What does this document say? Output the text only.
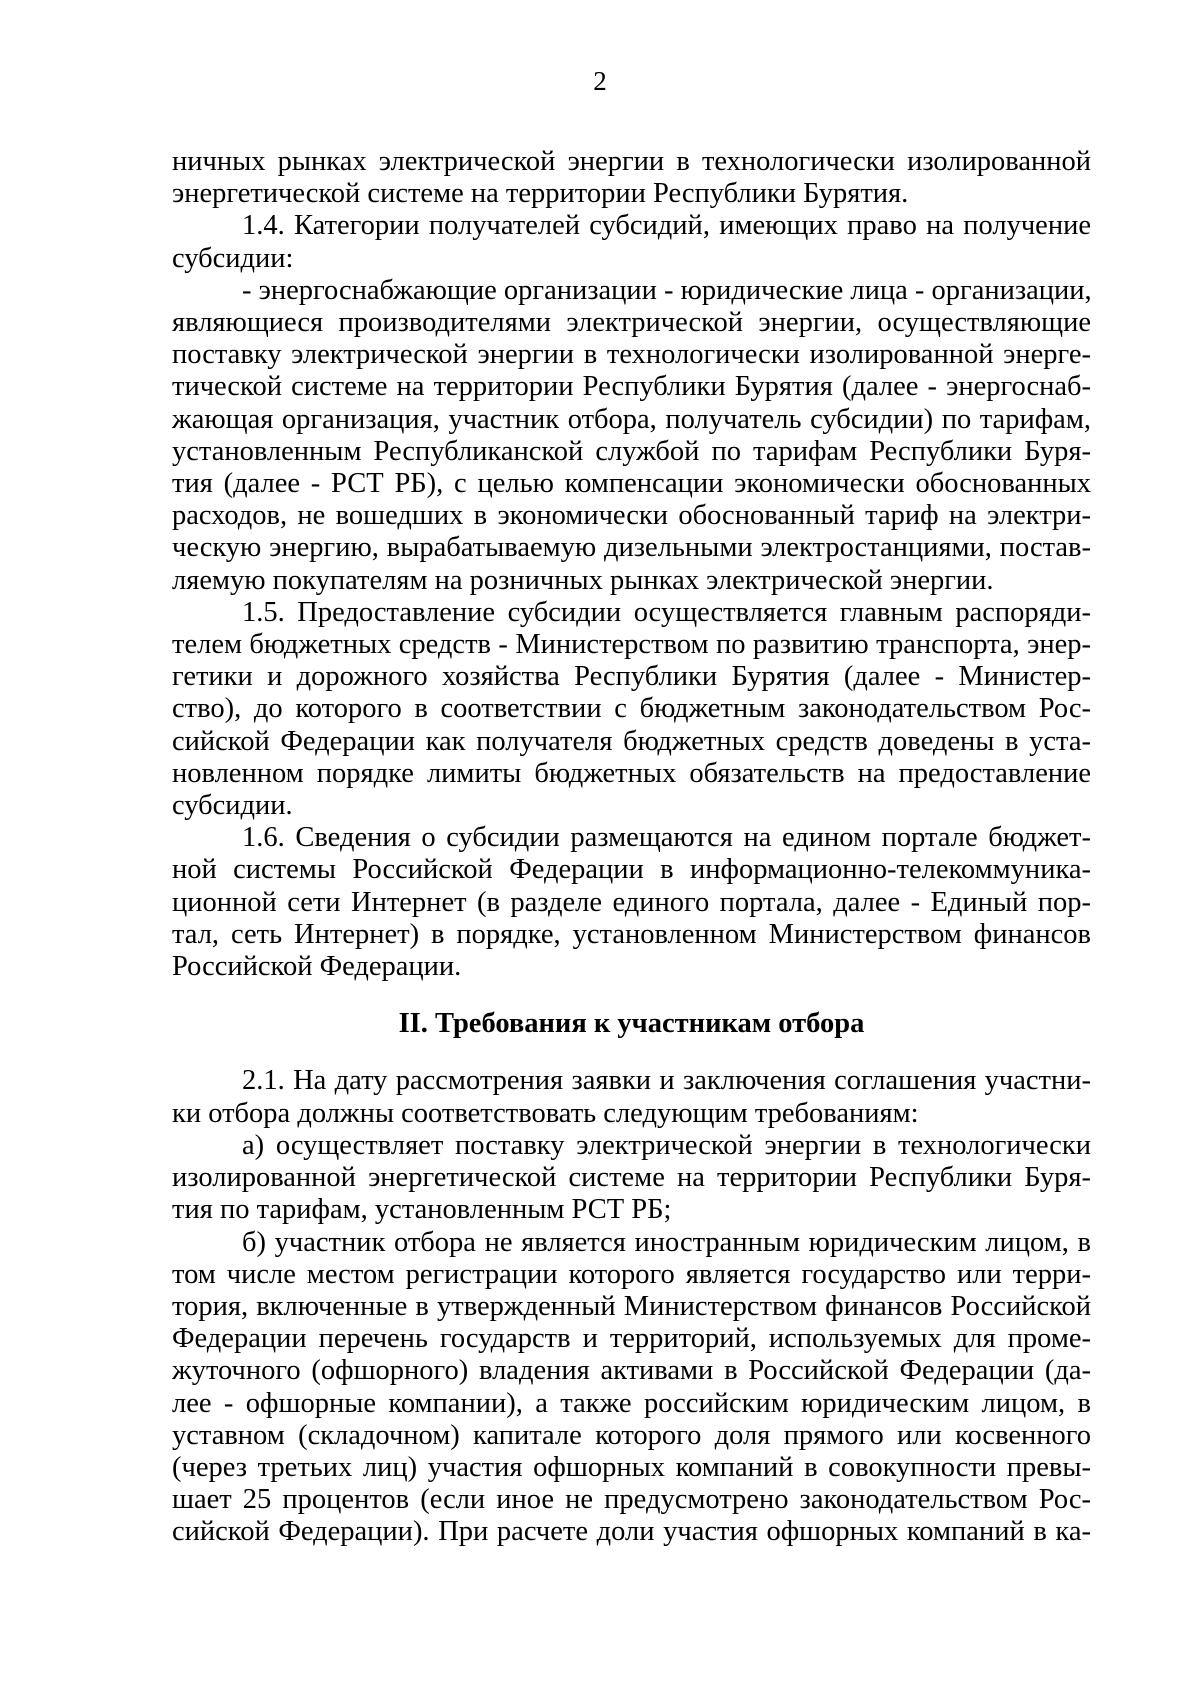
2

ничных рынках электрической энергии в технологически изолированной
энергетической системе на территории Республики Бурятия.

1.4. Категории получателей субсидий, имеющих право на получение
субсидии:

- энергоснабжающие организации - юридические лица - организации,
являющиеся производителями электрической энергии, осуществляющие
поставку электрической энергии в технологически изолированной энерге-
тической системе на территории Республики Бурятия (далее - энергоснаб-
жающая организация, участник отбора, получатель субсидии) по тарифам,
установленным Республиканской службой по тарифам Республики Буря-
тия (далее - РСТ РБ), с целью компенсации экономически обоснованных
расходов, не вошедших в экономически обоснованный тариф на электри-
ческую энергию, вырабатываемую дизельными электростанциями, постав-
ляемую покупателям на розничных рынках электрической энергии.

1.5. Предоставление субсидии осуществляется главным распоряди-
телем бюджетных средств - Министерством по развитию транспорта, энер-
гетики и дорожного хозяйства Республики Бурятия (далее - Министер-
ство), до которого в соответствии с бюджетным законодательством Рос-
сийской Федерации как получателя бюджетных средств доведены в уста-
новленном порядке лимиты бюджетных обязательств на предоставление
субсидии.

1.6. Сведения о субсидии размещаются на едином портале бюджет-
ной системы Российской Федерации в информационно-телекоммуника-
ционной сети Интернет (в разделе единого портала, далее - Единый пор-
тал, сеть Интернет) в порядке, установленном Министерством финансов
Российской Федерации.

II. Требования к участникам отбора

2.1. На дату рассмотрения заявки и заключения соглашения участни-
ки отбора должны соответствовать следующим требованиям:

а) осуществляет поставку электрической энергии в технологически
изолированной энергетической системе на территории Республики Буря-
тия по тарифам, установленным РСТ РБ;

б) участник отбора не является иностранным юридическим лицом, в
том числе местом регистрации которого является государство или терри-
тория, включенные в утвержденный Министерством финансов Российской
Федерации перечень государств и территорий, используемых для проме-
жуточного (офшорного) владения активами в Российской Федерации (да-
лее - офшорные компании), а также российским юридическим лицом, в
уставном (складочном) капитале которого доля прямого или косвенного
(через третьих лиц) участия офшорных компаний в совокупности превы-
шает 25 процентов (если иное не предусмотрено законодательством Рос-
сийской Федерации). При расчете доли участия офшорных компаний в ка-
